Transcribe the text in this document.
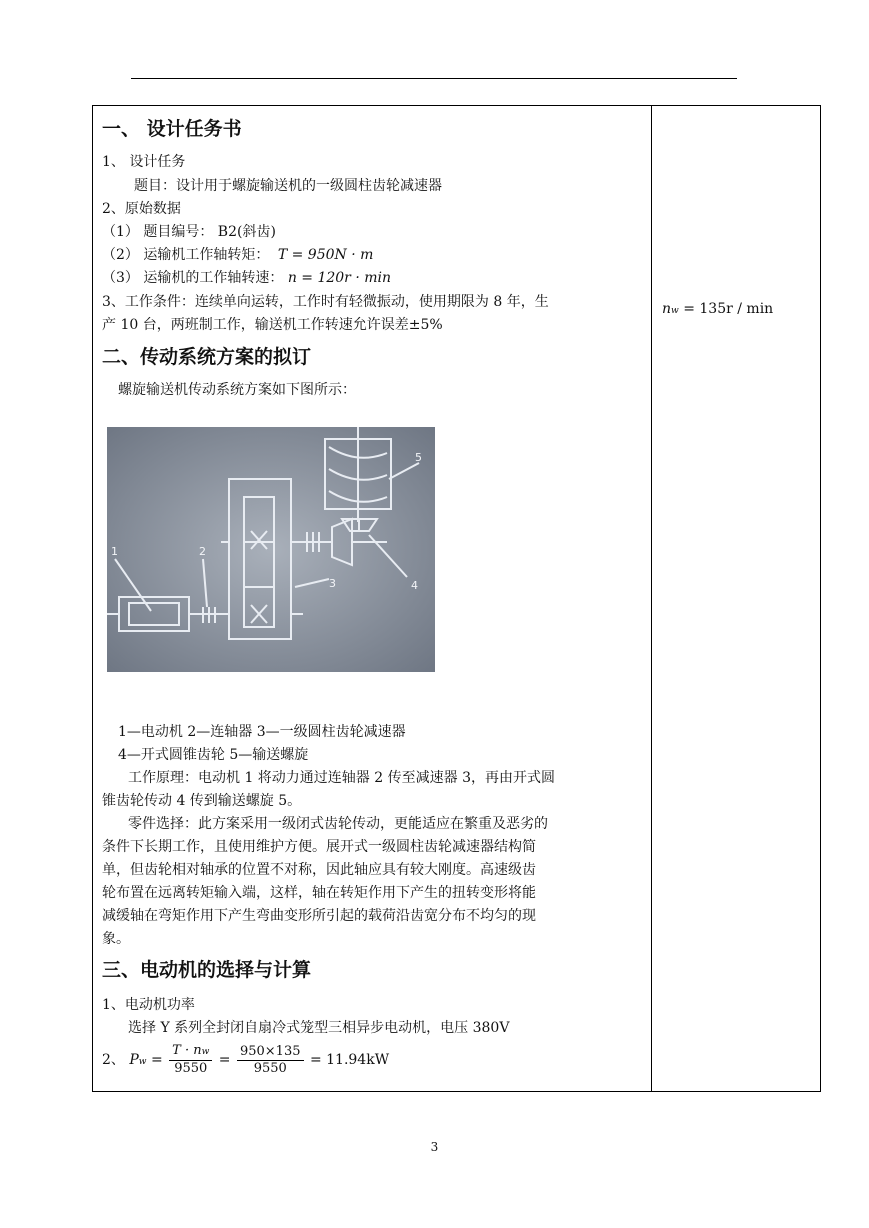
一、 设计任务书
1、 设计任务
题目：设计用于螺旋输送机的一级圆柱齿轮减速器
2、原始数据
（1） 题目编号： B2(斜齿)
（2） 运输机工作轴转矩： T = 950N · m
（3） 运输机的工作轴转速： n = 120r · min
3、工作条件：连续单向运转，工作时有轻微振动，使用期限为 8 年，生
产 10 台，两班制工作，输送机工作转速允许误差±5%
nw = 135r / min
二、传动系统方案的拟订
螺旋输送机传动系统方案如下图所示：
1	2
3	4
5
1—电动机 2—连轴器 3—一级圆柱齿轮减速器
4—开式圆锥齿轮 5—输送螺旋
工作原理：电动机 1 将动力通过连轴器 2 传至减速器 3，再由开式圆
锥齿轮传动 4 传到输送螺旋 5。
零件选择：此方案采用一级闭式齿轮传动，更能适应在繁重及恶劣的
条件下长期工作，且使用维护方便。展开式一级圆柱齿轮减速器结构简
单，但齿轮相对轴承的位置不对称，因此轴应具有较大刚度。高速级齿
轮布置在远离转矩输入端，这样，轴在转矩作用下产生的扭转变形将能
减缓轴在弯矩作用下产生弯曲变形所引起的载荷沿齿宽分布不均匀的现
象。
三、电动机的选择与计算
1、电动机功率
选择 Y 系列全封闭自扇冷式笼型三相异步电动机，电压 380V
2、 $Pw = \frac{T \cdot nw}{9550} = \frac{950\times 135}{9550} = 11.94kW$
3
